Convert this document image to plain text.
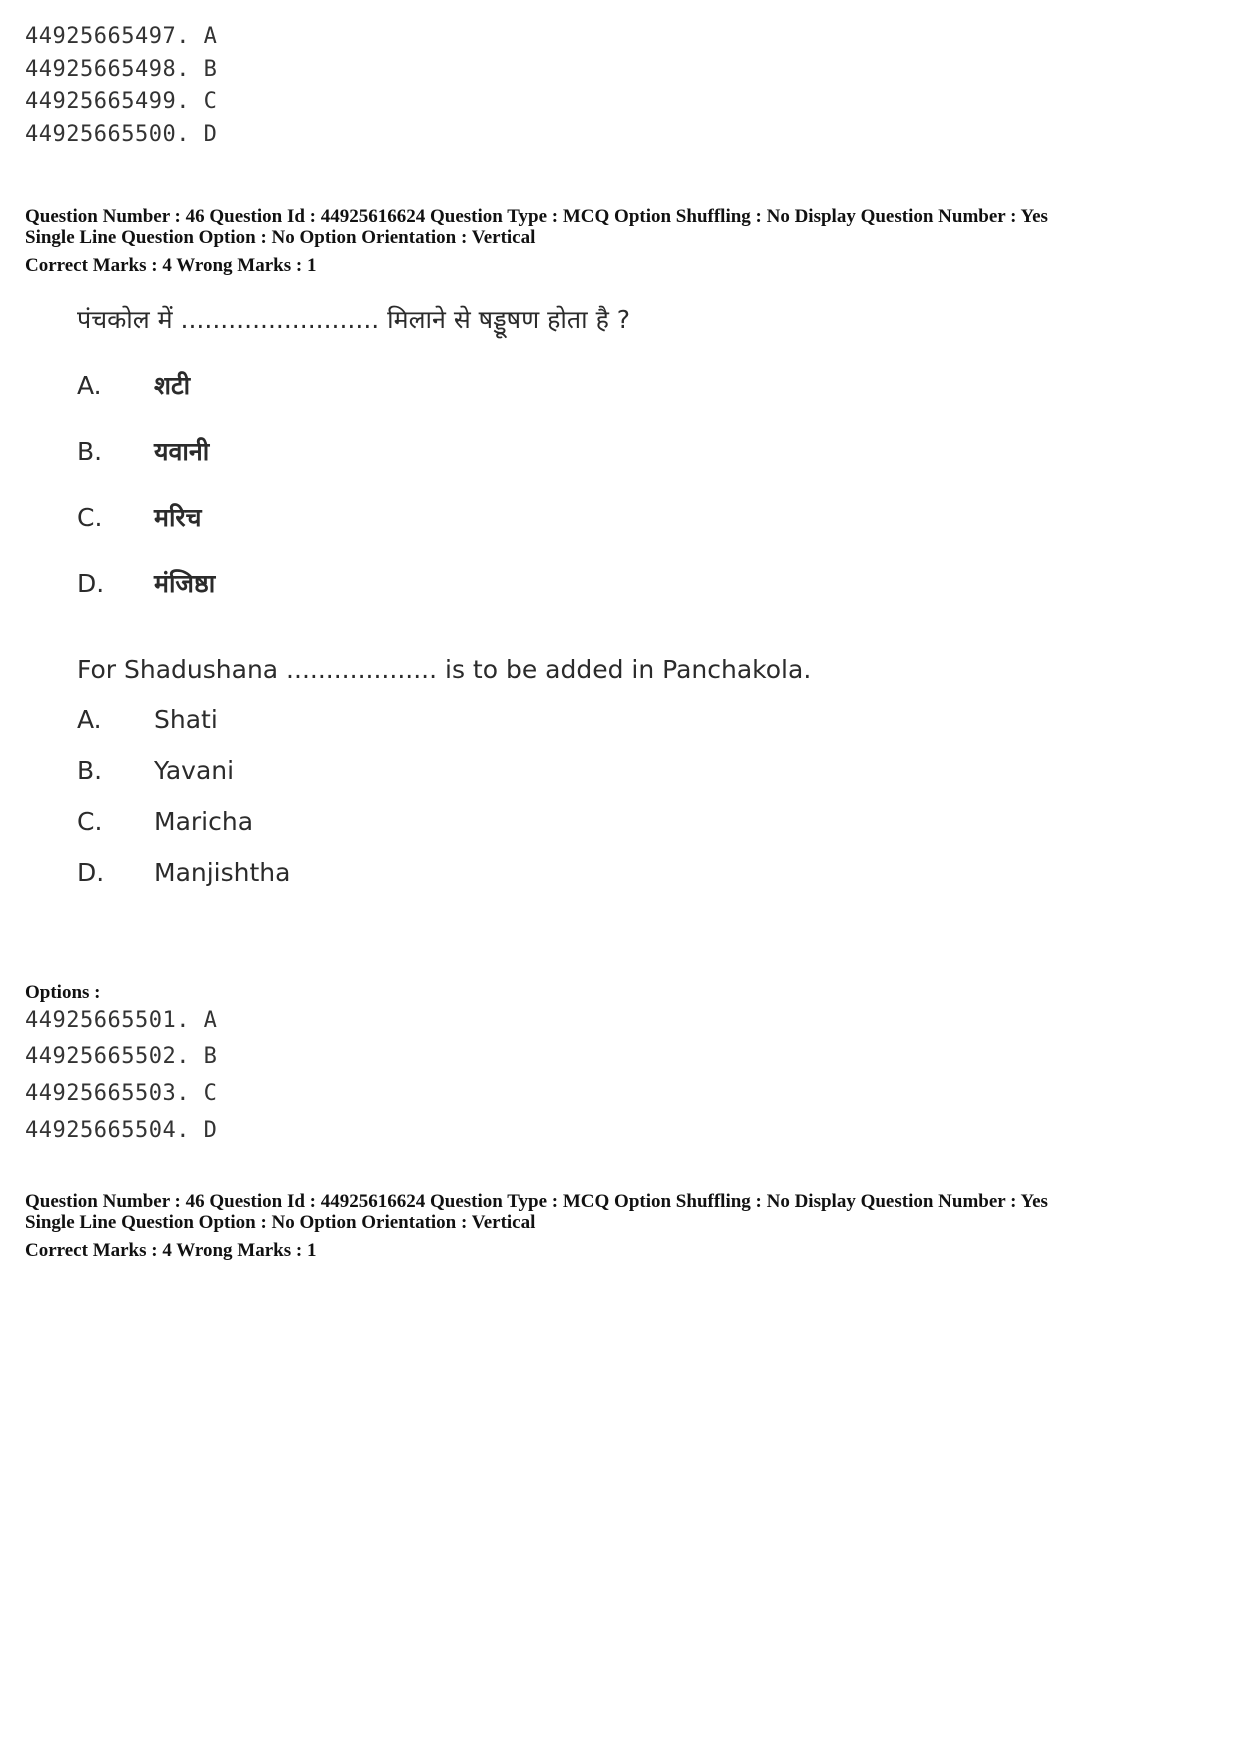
44925665497. A
44925665498. B
44925665499. C
44925665500. D
Question Number : 46 Question Id : 44925616624 Question Type : MCQ Option Shuffling : No Display Question Number : Yes
Single Line Question Option : No Option Orientation : Vertical
Correct Marks : 4 Wrong Marks : 1
पंचकोल में ......................... मिलाने से षड्डूषण होता है ?
A. शटी
B. यवानी
C. मरिच
D. मंजिष्ठा
For Shadushana ................... is to be added in Panchakola.
A. Shati
B. Yavani
C. Maricha
D. Manjishtha
Options :
44925665501. A
44925665502. B
44925665503. C
44925665504. D
Question Number : 46 Question Id : 44925616624 Question Type : MCQ Option Shuffling : No Display Question Number : Yes
Single Line Question Option : No Option Orientation : Vertical
Correct Marks : 4 Wrong Marks : 1
